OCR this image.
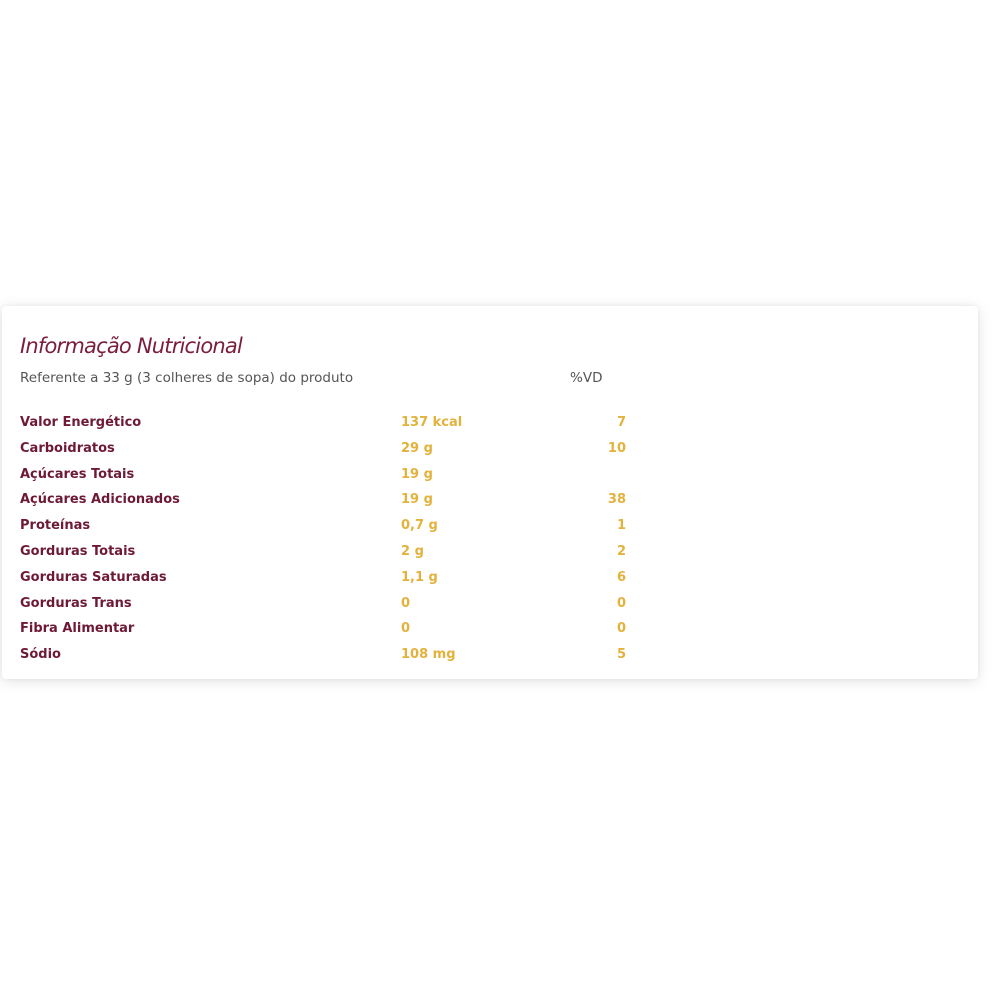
Informação Nutricional
Referente a 33 g (3 colheres de sopa) do produto	%VD
Valor Energético	137 kcal	7
Carboidratos	29 g	10
Açúcares Totais	19 g
Açúcares Adicionados	19 g	38
Proteínas	0,7 g	1
Gorduras Totais	2 g	2
Gorduras Saturadas	1,1 g	6
Gorduras Trans	0	0
Fibra Alimentar	0	0
Sódio	108 mg	5
